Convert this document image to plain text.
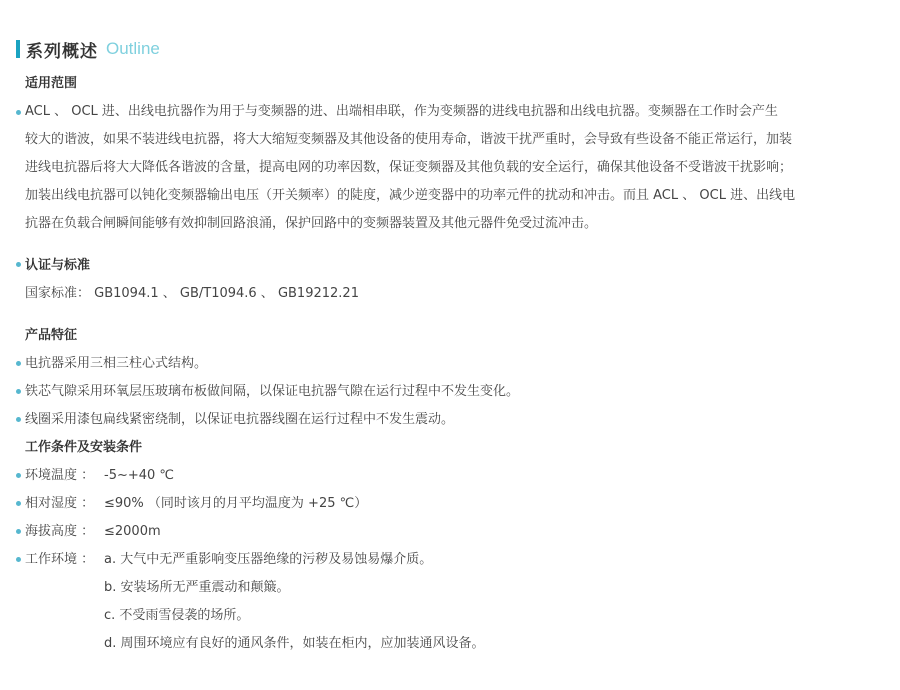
系列概述 Outline
适用范围
ACL 、 OCL 进、出线电抗器作为用于与变频器的进、出端相串联，作为变频器的进线电抗器和出线电抗器。变频器在工作时会产生
较大的谐波，如果不装进线电抗器，将大大缩短变频器及其他设备的使用寿命，谐波干扰严重时，会导致有些设备不能正常运行，加装
进线电抗器后将大大降低各谐波的含量，提高电网的功率因数，保证变频器及其他负载的安全运行，确保其他设备不受谐波干扰影响；
加装出线电抗器可以钝化变频器输出电压（开关频率）的陡度，减少逆变器中的功率元件的扰动和冲击。而且 ACL 、 OCL 进、出线电
抗器在负载合闸瞬间能够有效抑制回路浪涌，保护回路中的变频器装置及其他元器件免受过流冲击。
认证与标准
国家标准： GB1094.1 、 GB/T1094.6 、 GB19212.21
产品特征
电抗器采用三相三柱心式结构。
铁芯气隙采用环氧层压玻璃布板做间隔，以保证电抗器气隙在运行过程中不发生变化。
线圈采用漆包扁线紧密绕制，以保证电抗器线圈在运行过程中不发生震动。
工作条件及安装条件
环境温度 ： -5~+40 ℃
相对湿度 ： ≤90% （同时该月的月平均温度为 +25 ℃）
海拔高度 ： ≤2000m
工作环境 ： a. 大气中无严重影响变压器绝缘的污秽及易蚀易爆介质。
b. 安装场所无严重震动和颠簸。
c. 不受雨雪侵袭的场所。
d. 周围环境应有良好的通风条件，如装在柜内，应加装通风设备。
